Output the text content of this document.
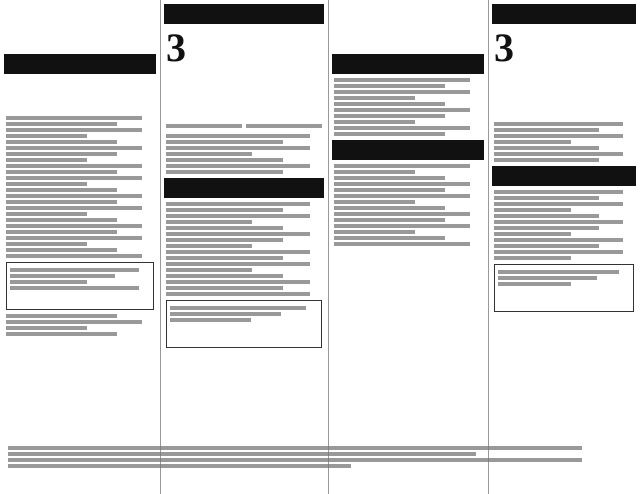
3	3
